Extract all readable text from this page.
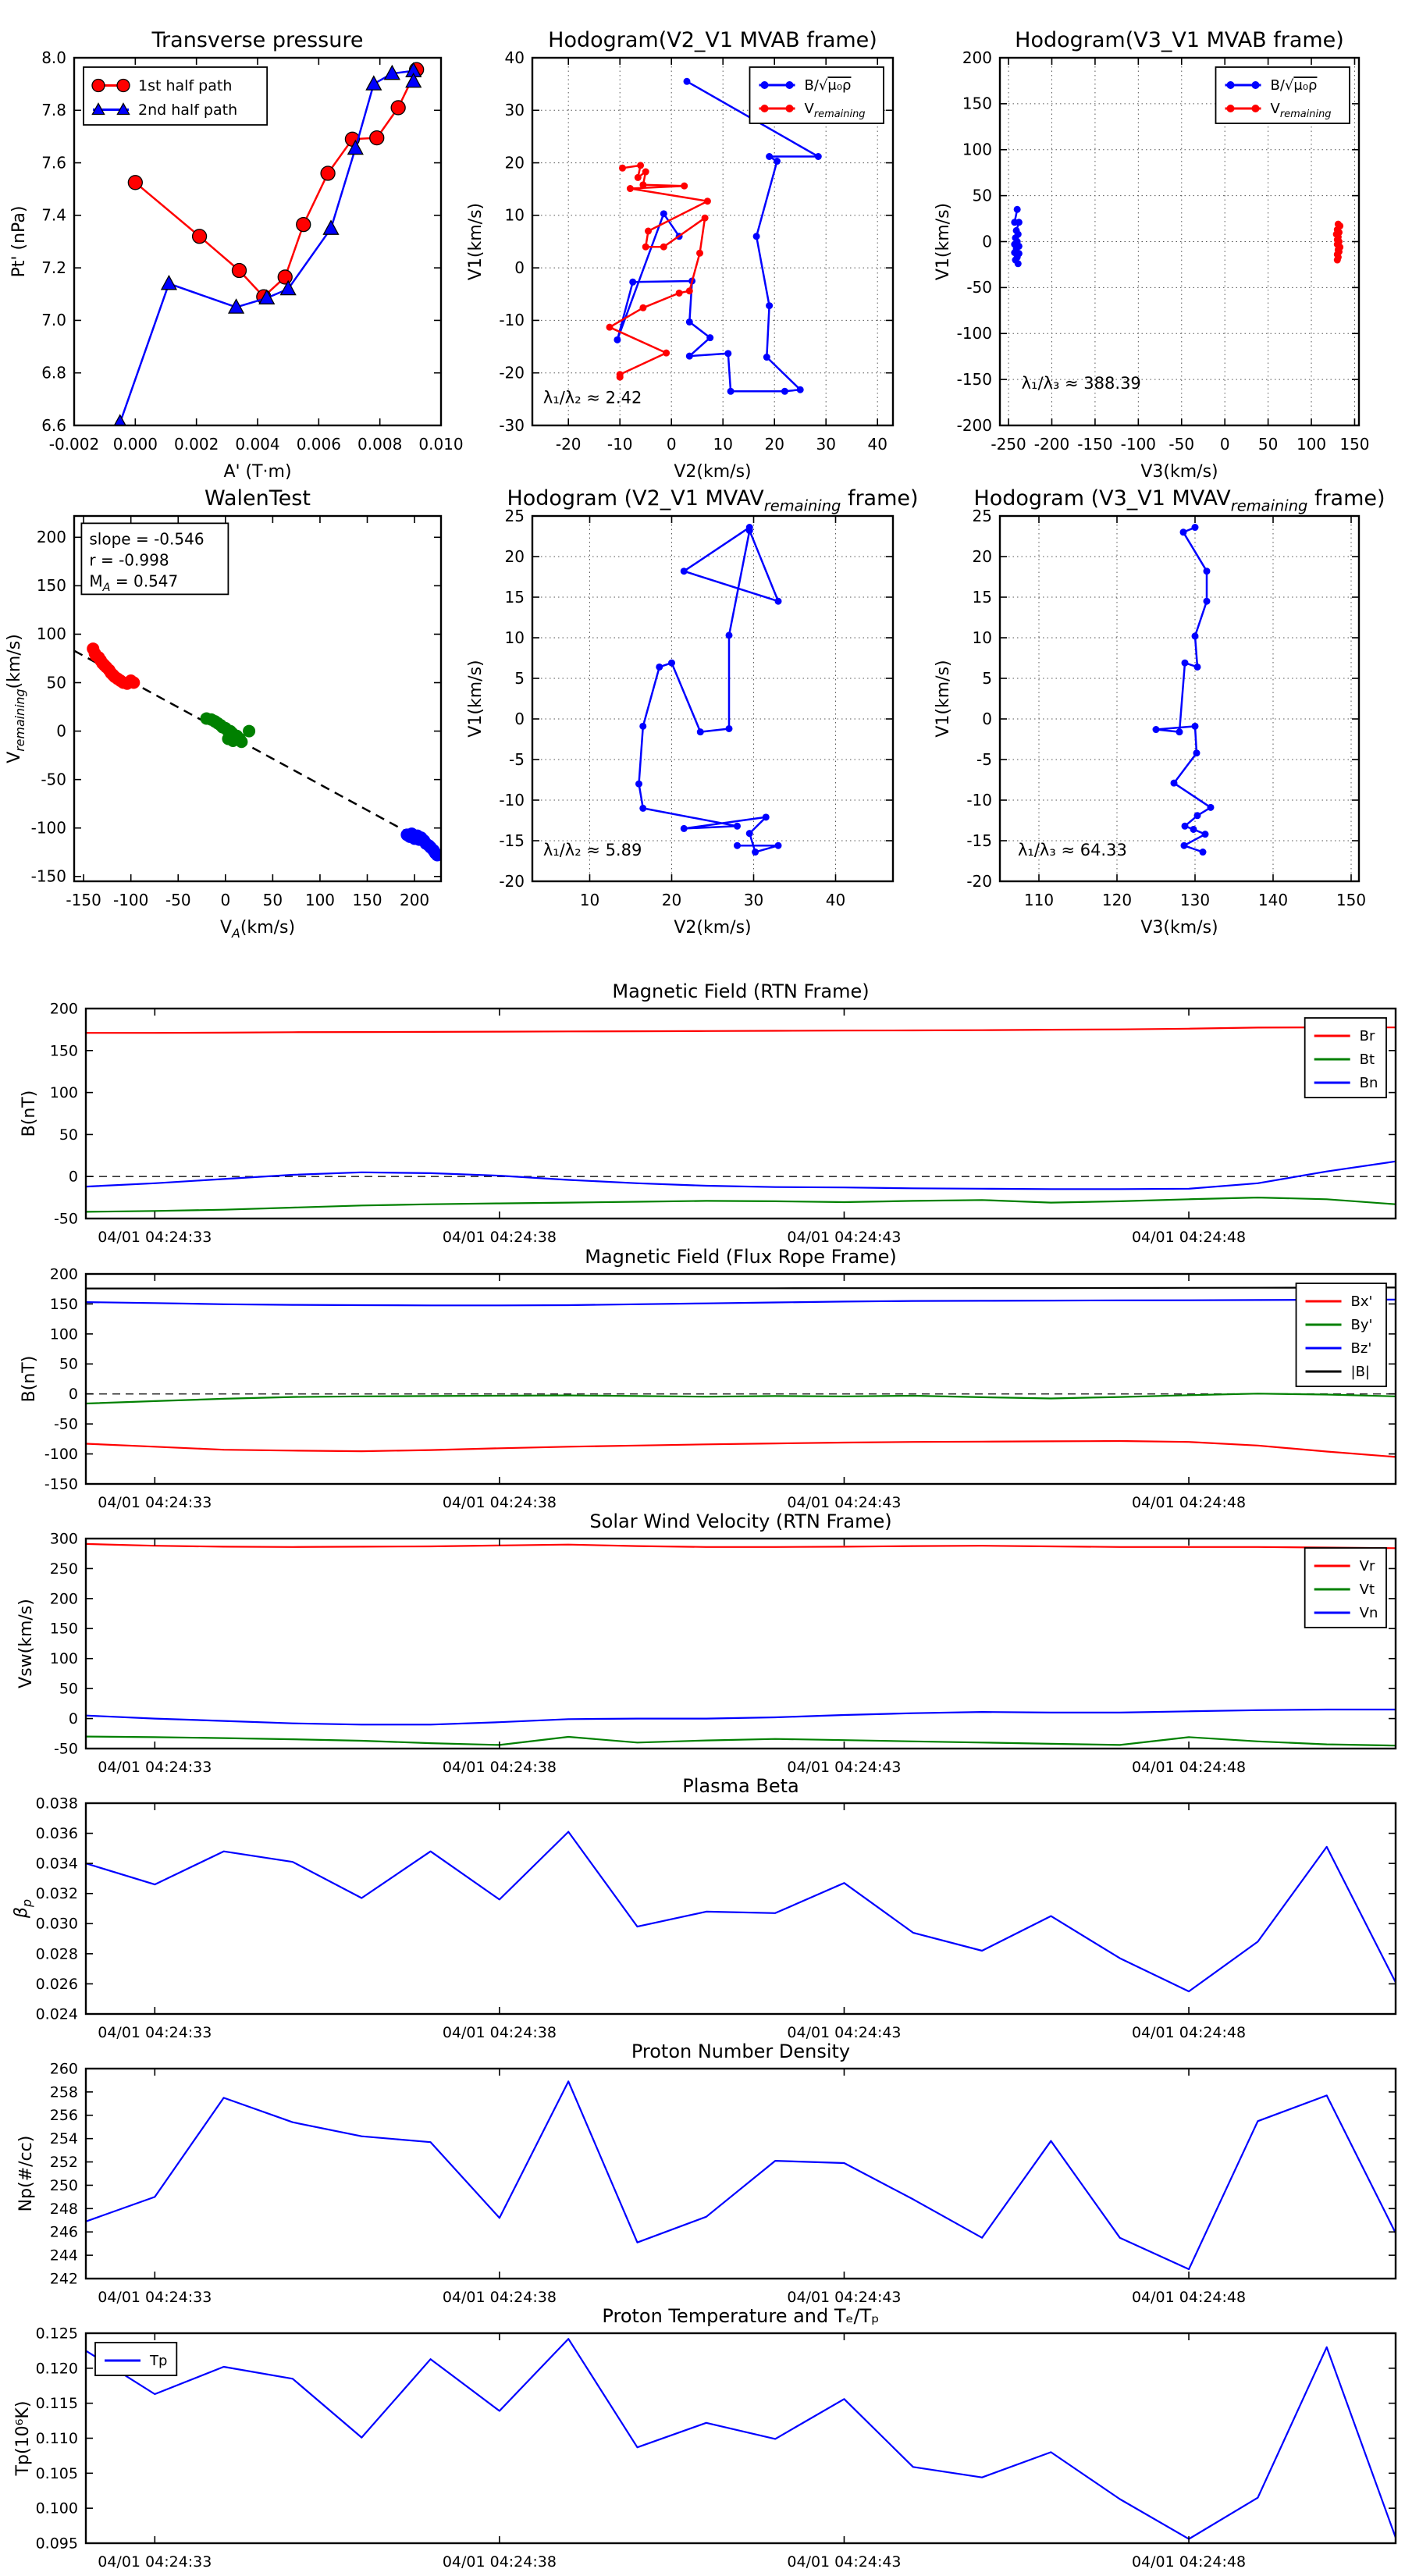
-0.002 0.000 0.002 0.004 0.006 0.008 0.010
6.6
6.8
7.0
7.2
7.4
7.6
7.8
8.0
Transverse pressure
A' (T·m)
Pt' (nPa)
1st half path
2nd half path
-20 -10 0 10 20 30 40
-30
-20
-10
0
10
20
30
40
Hodogram(V2_V1 MVAB frame)
V2(km/s)
V1(km/s)
B/√μ₀ρ
$V_{remaining}$
λ₁/λ₂ ≈ 2.42
-250 -200 -150 -100 -50 0 50 100 150
-200
-150
-100
-50
0
50
100
150
200
Hodogram(V3_V1 MVAB frame)
V3(km/s)
V1(km/s)
B/√μ₀ρ
$V_{remaining}$
λ₁/λ₃ ≈ 388.39
-150 -100 -50 0 50 100 150 200
-150
-100
-50
0
50
100
150
200
WalenTest
$V_A(km/s)$
$V_{remaining}(km/s)$
slope = -0.546
r = -0.998
$M_A = 0.547$
10	20	30	40
-20
-15
-10
-5
0
5
10
15
20
25
Hodogram (V2_V1 $MVAV_{remaining}$ frame)
V2(km/s)
V1(km/s)
λ₁/λ₂ ≈ 5.89
110	120	130	140	150
-20
-15
-10
-5
0
5
10
15
20
25
Hodogram (V3_V1 $MVAV_{remaining}$ frame)
V3(km/s)
V1(km/s)
λ₁/λ₃ ≈ 64.33
04/01 04:24:33	04/01 04:24:38	04/01 04:24:43	04/01 04:24:48
-50
0
50
100
150
200
Magnetic Field (RTN Frame)
B(nT)
Br
Bt
Bn
04/01 04:24:33	04/01 04:24:38	04/01 04:24:43	04/01 04:24:48
-150
-100
-50
0
50
100
150
200
Magnetic Field (Flux Rope Frame)
B(nT)
Bx'
By'
Bz'
|B|
04/01 04:24:33	04/01 04:24:38	04/01 04:24:43	04/01 04:24:48
-50
0
50
100
150
200
250
300
Solar Wind Velocity (RTN Frame)
Vsw(km/s)
Vr
Vt
Vn
04/01 04:24:33	04/01 04:24:38	04/01 04:24:43	04/01 04:24:48
0.024
0.026
0.028
0.030
0.032
0.034
0.036
0.038
Plasma Beta
$\beta_p$
04/01 04:24:33	04/01 04:24:38	04/01 04:24:43	04/01 04:24:48
242
244
246
248
250
252
254
256
258
260
Proton Number Density
Np(#/cc)
04/01 04:24:33	04/01 04:24:38	04/01 04:24:43	04/01 04:24:48
0.095
0.100
0.105
0.110
0.115
0.120
0.125
Proton Temperature and Tₑ/Tₚ
Tp(10⁶K)
Tp
